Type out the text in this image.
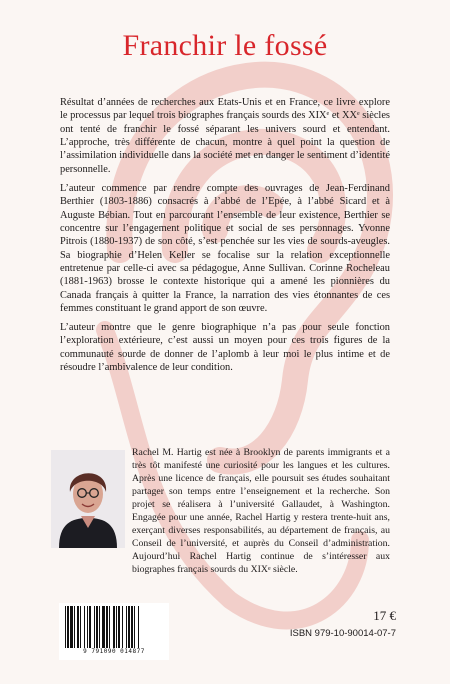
Franchir le fossé

Résultat d’années de recherches aux Etats-Unis et en France, ce livre explore le processus par lequel trois biographes français sourds des XIXe et XXe siècles ont tenté de franchir le fossé séparant les univers sourd et entendant. L’approche, très différente de chacun, montre à quel point la question de l’assimilation individuelle dans la société met en danger le sentiment d’identité personnelle.

L’auteur commence par rendre compte des ouvrages de Jean-Ferdinand Berthier (1803-1886) consacrés à l’abbé de l’Epée, à l’abbé Sicard et à Auguste Bébian. Tout en parcourant l’ensemble de leur existence, Berthier se concentre sur l’engagement politique et social de ses personnages. Yvonne Pitrois (1880-1937) de son côté, s’est penchée sur les vies de sourds-aveugles. Sa biographie d’Helen Keller se focalise sur la relation exceptionnelle entretenue par celle-ci avec sa pédagogue, Anne Sullivan. Corinne Rocheleau (1881-1963) brosse le contexte historique qui a amené les pionnières du Canada français à quitter la France, la narration des vies étonnantes de ces femmes constituant le grand apport de son œuvre.

L’auteur montre que le genre biographique n’a pas pour seule fonction l’exploration extérieure, c’est aussi un moyen pour ces trois figures de la communauté sourde de donner de l’aplomb à leur moi le plus intime et de résoudre l’ambivalence de leur condition.

Rachel M. Hartig est née à Brooklyn de parents immigrants et a très tôt manifesté une curiosité pour les langues et les cultures. Après une licence de français, elle poursuit ses études souhaitant partager son temps entre l’enseignement et la recherche. Son projet se réalisera à l’université Gallaudet, à Washington. Engagée pour une année, Rachel Hartig y restera trente-huit ans, exerçant diverses responsabilités, au département de français, au Conseil de l’université, et auprès du Conseil d’administration. Aujourd’hui Rachel Hartig continue de s’intéresser aux biographes français sourds du XIXe siècle.

9 791090 014877
17 €
ISBN 979-10-90014-07-7
